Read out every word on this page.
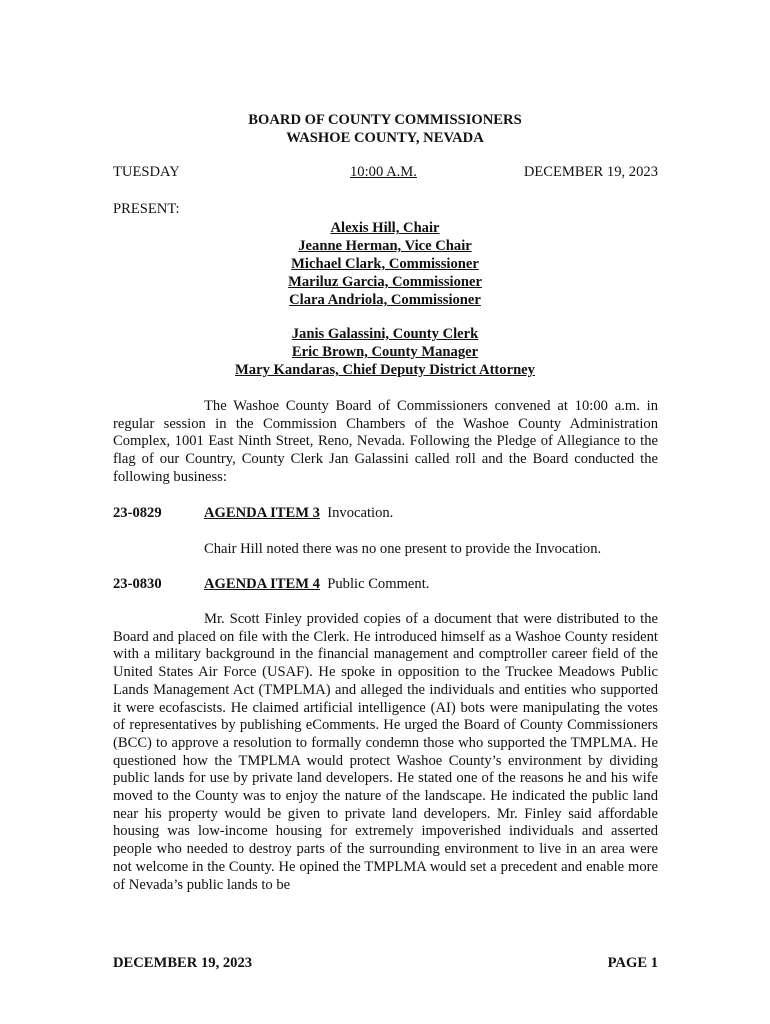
BOARD OF COUNTY COMMISSIONERS
WASHOE COUNTY, NEVADA
TUESDAY	10:00 A.M.	DECEMBER 19, 2023
PRESENT:
Alexis Hill, Chair
Jeanne Herman, Vice Chair
Michael Clark, Commissioner
Mariluz Garcia, Commissioner
Clara Andriola, Commissioner
Janis Galassini, County Clerk
Eric Brown, County Manager
Mary Kandaras, Chief Deputy District Attorney
The Washoe County Board of Commissioners convened at 10:00 a.m. in regular session in the Commission Chambers of the Washoe County Administration Complex, 1001 East Ninth Street, Reno, Nevada. Following the Pledge of Allegiance to the flag of our Country, County Clerk Jan Galassini called roll and the Board conducted the following business:
23-0829	AGENDA ITEM 3 Invocation.
Chair Hill noted there was no one present to provide the Invocation.
23-0830	AGENDA ITEM 4 Public Comment.
Mr. Scott Finley provided copies of a document that were distributed to the Board and placed on file with the Clerk. He introduced himself as a Washoe County resident with a military background in the financial management and comptroller career field of the United States Air Force (USAF). He spoke in opposition to the Truckee Meadows Public Lands Management Act (TMPLMA) and alleged the individuals and entities who supported it were ecofascists. He claimed artificial intelligence (AI) bots were manipulating the votes of representatives by publishing eComments. He urged the Board of County Commissioners (BCC) to approve a resolution to formally condemn those who supported the TMPLMA. He questioned how the TMPLMA would protect Washoe County’s environment by dividing public lands for use by private land developers. He stated one of the reasons he and his wife moved to the County was to enjoy the nature of the landscape. He indicated the public land near his property would be given to private land developers. Mr. Finley said affordable housing was low-income housing for extremely impoverished individuals and asserted people who needed to destroy parts of the surrounding environment to live in an area were not welcome in the County. He opined the TMPLMA would set a precedent and enable more of Nevada’s public lands to be
DECEMBER 19, 2023	PAGE 1
